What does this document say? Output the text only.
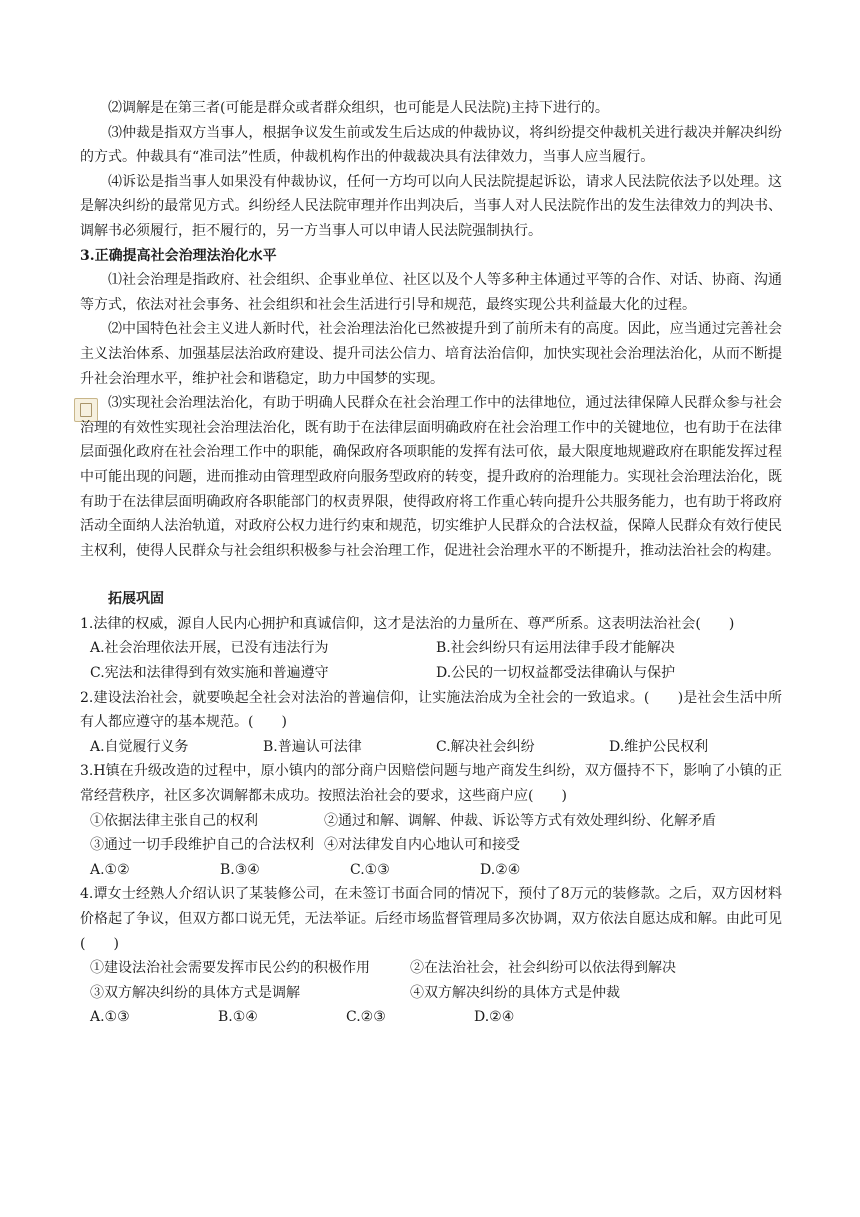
⑵调解是在第三者(可能是群众或者群众组织，也可能是人民法院)主持下进行的。

⑶仲裁是指双方当事人，根据争议发生前或发生后达成的仲裁协议，将纠纷提交仲裁机关进行裁决并解决纠纷的方式。仲裁具有“准司法”性质，仲裁机构作出的仲裁裁决具有法律效力，当事人应当履行。

⑷诉讼是指当事人如果没有仲裁协议，任何一方均可以向人民法院提起诉讼，请求人民法院依法予以处理。这是解决纠纷的最常见方式。纠纷经人民法院审理并作出判决后，当事人对人民法院作出的发生法律效力的判决书、调解书必须履行，拒不履行的，另一方当事人可以申请人民法院强制执行。

3.正确提高社会治理法治化水平

⑴社会治理是指政府、社会组织、企事业单位、社区以及个人等多种主体通过平等的合作、对话、协商、沟通等方式，依法对社会事务、社会组织和社会生活进行引导和规范，最终实现公共利益最大化的过程。

⑵中国特色社会主义进人新时代，社会治理法治化已然被提升到了前所未有的高度。因此，应当通过完善社会主义法治体系、加强基层法治政府建设、提升司法公信力、培育法治信仰，加快实现社会治理法治化，从而不断提升社会治理水平，维护社会和谐稳定，助力中国梦的实现。

⑶实现社会治理法治化，有助于明确人民群众在社会治理工作中的法律地位，通过法律保障人民群众参与社会治理的有效性实现社会治理法治化，既有助于在法律层面明确政府在社会治理工作中的关键地位，也有助于在法律层面强化政府在社会治理工作中的职能，确保政府各项职能的发挥有法可依，最大限度地规避政府在职能发挥过程中可能出现的问题，进而推动由管理型政府向服务型政府的转变，提升政府的治理能力。实现社会治理法治化，既有助于在法律层面明确政府各职能部门的权责界限，使得政府将工作重心转向提升公共服务能力，也有助于将政府活动全面纳人法治轨道，对政府公权力进行约束和规范，切实维护人民群众的合法权益，保障人民群众有效行使民主权利，使得人民群众与社会组织积极参与社会治理工作，促进社会治理水平的不断提升，推动法治社会的构建。

拓展巩固

1.法律的权威，源自人民内心拥护和真诚信仰，这才是法治的力量所在、尊严所系。这表明法治社会(　　)

A.社会治理依法开展，已没有违法行为	B.社会纠纷只有运用法律手段才能解决
C.宪法和法律得到有效实施和普遍遵守	D.公民的一切权益都受法律确认与保护

2.建设法治社会，就要唤起全社会对法治的普遍信仰，让实施法治成为全社会的一致追求。(　　)是社会生活中所有人都应遵守的基本规范。(　　)

A.自觉履行义务	B.普遍认可法律	C.解决社会纠纷	D.维护公民权利

3.H镇在升级改造的过程中，原小镇内的部分商户因赔偿问题与地产商发生纠纷，双方僵持不下，影响了小镇的正常经营秩序，社区多次调解都未成功。按照法治社会的要求，这些商户应(　　)

①依据法律主张自己的权利	②通过和解、调解、仲裁、诉讼等方式有效处理纠纷、化解矛盾
③通过一切手段维护自己的合法权利 ④对法律发自内心地认可和接受
A.①②	B.③④	C.①③	D.②④

4.谭女士经熟人介绍认识了某装修公司，在未签订书面合同的情况下，预付了8万元的装修款。之后，双方因材料价格起了争议，但双方都口说无凭，无法举证。后经市场监督管理局多次协调，双方依法自愿达成和解。由此可见(　　)

①建设法治社会需要发挥市民公约的积极作用	②在法治社会，社会纠纷可以依法得到解决
③双方解决纠纷的具体方式是调解	④双方解决纠纷的具体方式是仲裁
A.①③	B.①④	C.②③	D.②④
